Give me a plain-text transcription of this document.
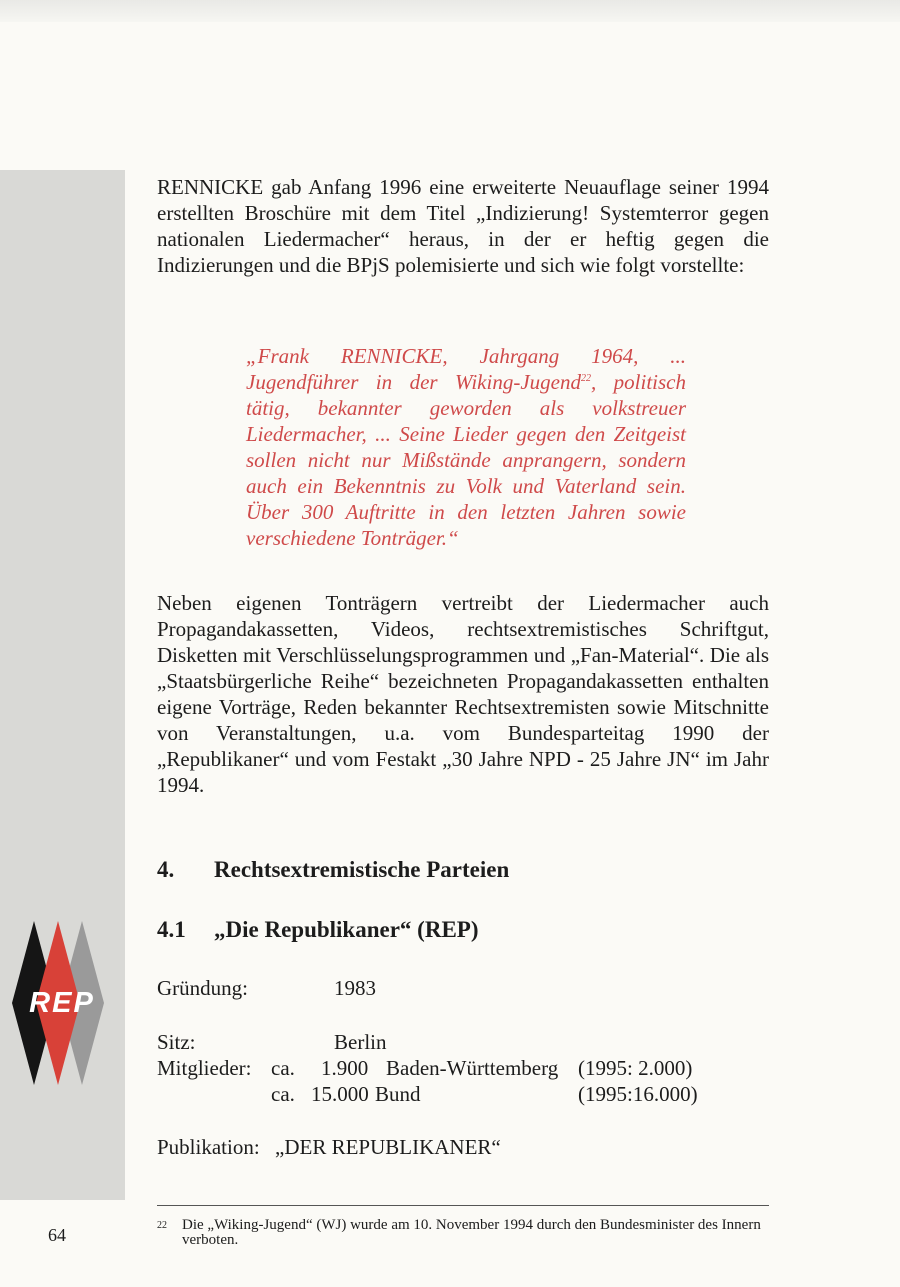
RENNICKE gab Anfang 1996 eine erweiterte Neuauflage seiner 1994 erstellten Broschüre mit dem Titel „Indizierung! Systemterror gegen nationalen Liedermacher“ heraus, in der er heftig gegen die Indizierungen und die BPjS polemisierte und sich wie folgt vorstellte:

„Frank RENNICKE, Jahrgang 1964, ... Jugendführer in der Wiking-Jugend$^{22}$, politisch tätig, bekannter geworden als volkstreuer Liedermacher, ... Seine Lieder gegen den Zeitgeist sollen nicht nur Mißstände anprangern, sondern auch ein Bekenntnis zu Volk und Vaterland sein. Über 300 Auftritte in den letzten Jahren sowie verschiedene Tonträger.“

Neben eigenen Tonträgern vertreibt der Liedermacher auch Propagandakassetten, Videos, rechtsextremistisches Schriftgut, Disketten mit Verschlüsselungsprogrammen und „Fan-Material“. Die als „Staatsbürgerliche Reihe“ bezeichneten Propagandakassetten enthalten eigene Vorträge, Reden bekannter Rechtsextremisten sowie Mitschnitte von Veranstaltungen, u.a. vom Bundesparteitag 1990 der „Republikaner“ und vom Festakt „30 Jahre NPD - 25 Jahre JN“ im Jahr 1994.

4. Rechtsextremistische Parteien
4.1 „Die Republikaner“ (REP)
REP	Gründung:	1983
Sitz:	Berlin
Mitglieder: ca. 1.900 Baden-Württemberg (1995: 2.000)
ca. 15.000 Bund	(1995:16.000)
Publikation: „DER REPUBLIKANER“
64	22 Die „Wiking-Jugend“ (WJ) wurde am 10. November 1994 durch den Bundesminister des Innern verboten.
